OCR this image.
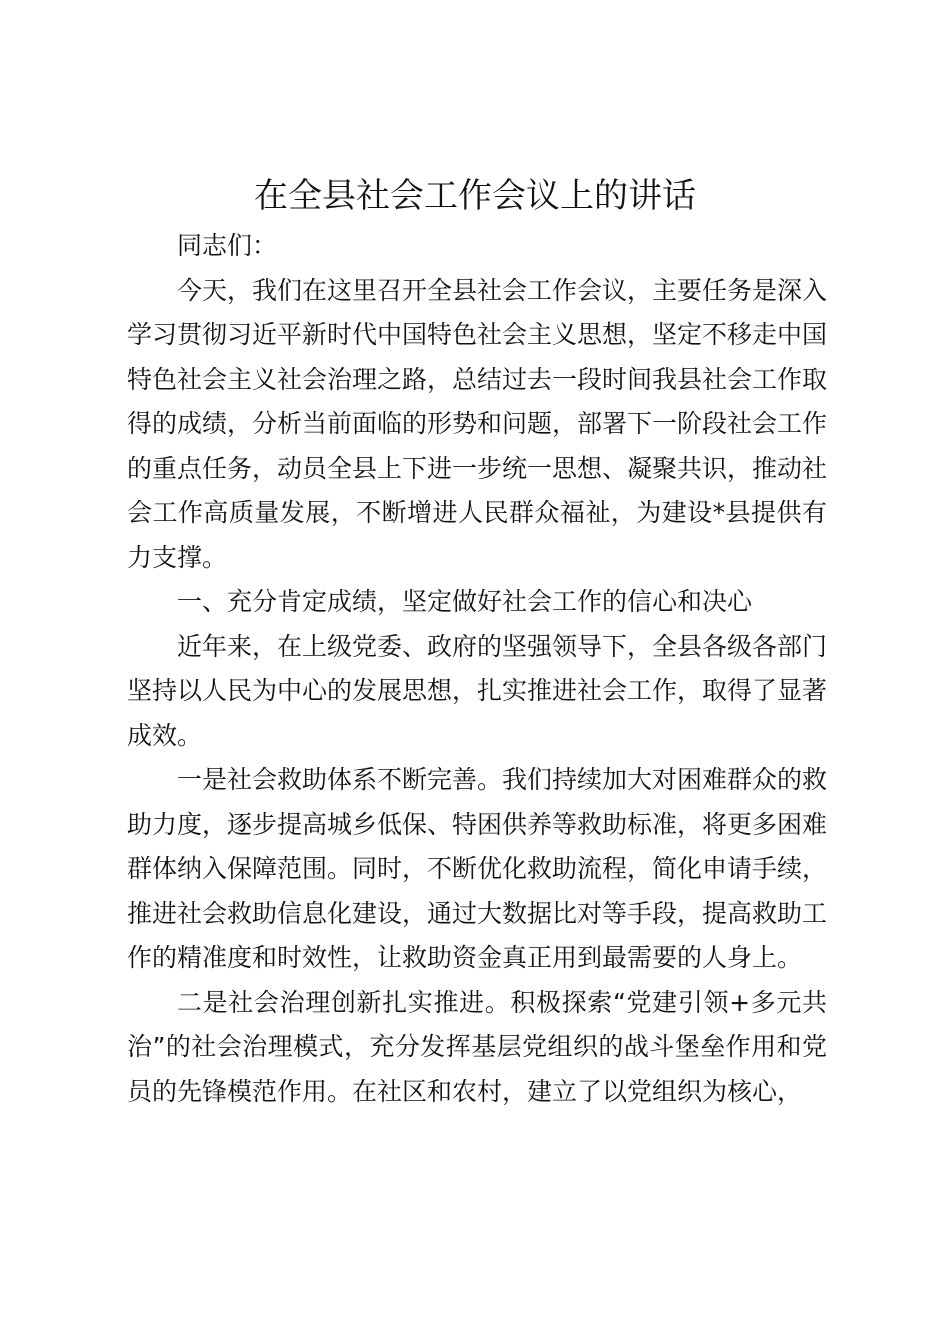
在全县社会工作会议上的讲话

同志们：

今天，我们在这里召开全县社会工作会议，主要任务是深入学习贯彻习近平新时代中国特色社会主义思想，坚定不移走中国特色社会主义社会治理之路，总结过去一段时间我县社会工作取得的成绩，分析当前面临的形势和问题，部署下一阶段社会工作的重点任务，动员全县上下进一步统一思想、凝聚共识，推动社会工作高质量发展，不断增进人民群众福祉，为建设*县提供有力支撑。

一、充分肯定成绩，坚定做好社会工作的信心和决心

近年来，在上级党委、政府的坚强领导下，全县各级各部门坚持以人民为中心的发展思想，扎实推进社会工作，取得了显著成效。

一是社会救助体系不断完善。我们持续加大对困难群众的救助力度，逐步提高城乡低保、特困供养等救助标准，将更多困难群体纳入保障范围。同时，不断优化救助流程，简化申请手续，推进社会救助信息化建设，通过大数据比对等手段，提高救助工作的精准度和时效性，让救助资金真正用到最需要的人身上。

二是社会治理创新扎实推进。积极探索“党建引领+多元共治”的社会治理模式，充分发挥基层党组织的战斗堡垒作用和党员的先锋模范作用。在社区和农村，建立了以党组织为核心，
